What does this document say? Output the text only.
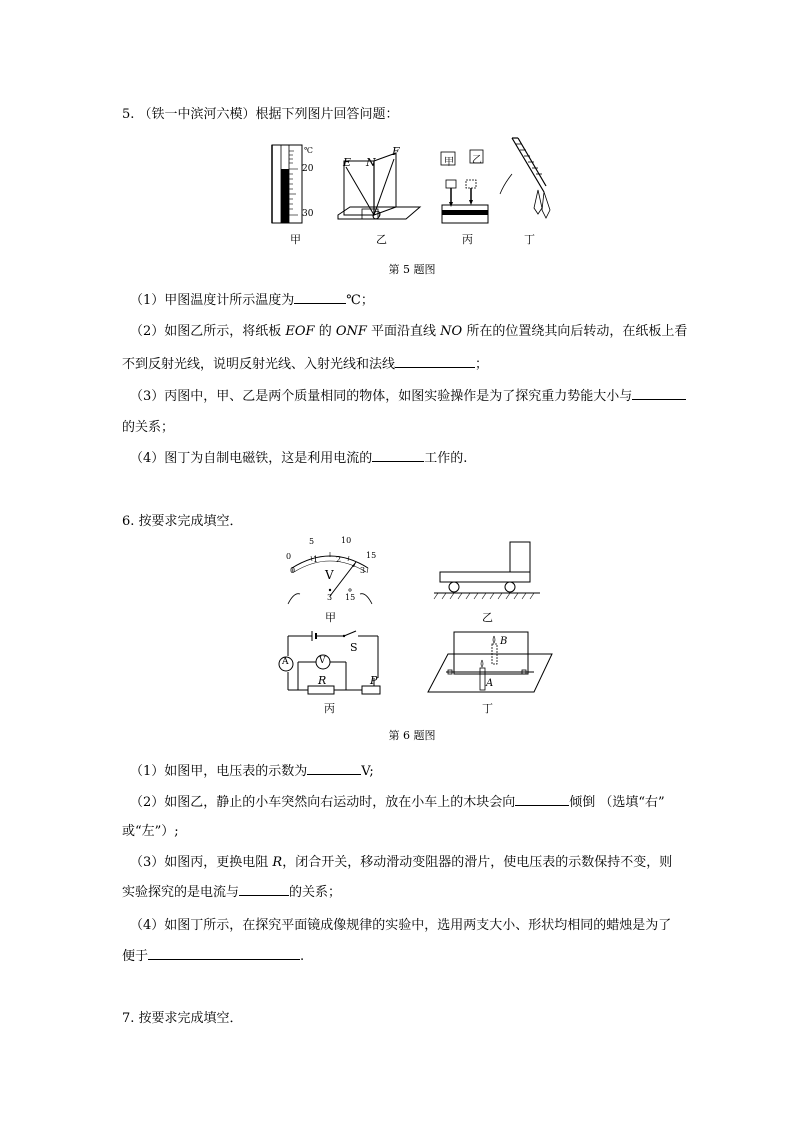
5. （铁一中滨河六模）根据下列图片回答问题：
℃
20
30
E N
F
O
甲 乙
甲	乙	丙	丁
第 5 题图
（1）甲图温度计所示温度为	℃；
（2）如图乙所示，将纸板 EOF 的 ONF 平面沿直线 NO 所在的位置绕其向后转动，在纸板上看
不到反射光线，说明反射光线、入射光线和法线	；
（3）丙图中，甲、乙是两个质量相同的物体，如图实验操作是为了探究重力势能大小与
的关系；
（4）图丁为自制电磁铁，这是利用电流的	工作的.
6. 按要求完成填空．
0
5	10
15
0
1 2
3
V
3 15
甲	乙
A	V
S
R	P
B
A
丙	丁
第 6 题图
（1）如图甲，电压表的示数为	V;
（2）如图乙，静止的小车突然向右运动时，放在小车上的木块会向	倾倒 （选填“右”
或“左”）;
（3）如图丙，更换电阻 R，闭合开关，移动滑动变阻器的滑片，使电压表的示数保持不变，则
实验探究的是电流与	的关系；
（4）如图丁所示，在探究平面镜成像规律的实验中，选用两支大小、形状均相同的蜡烛是为了
便于	.
7. 按要求完成填空．
